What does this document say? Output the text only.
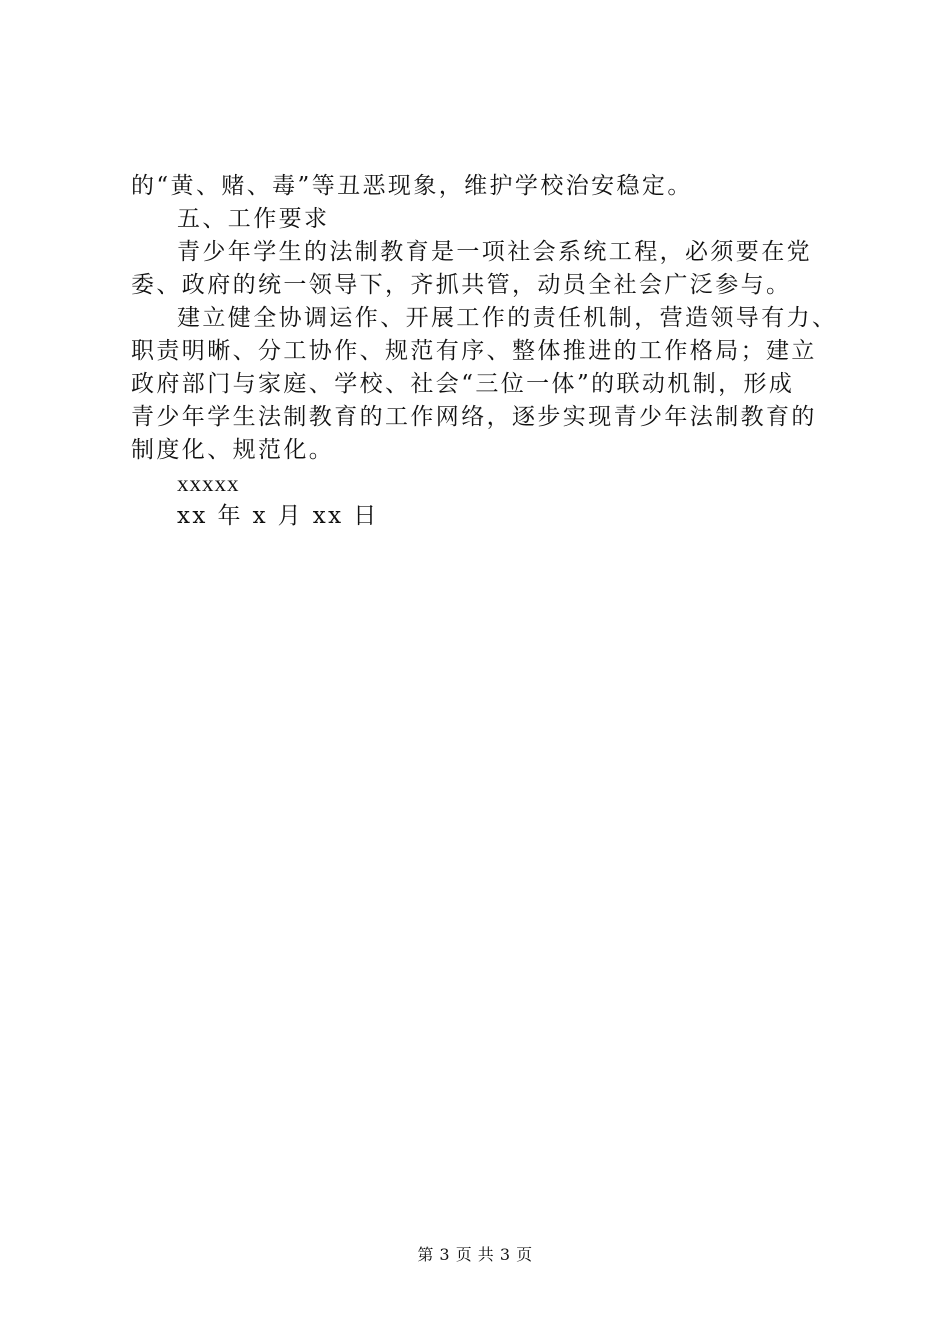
的“黄、赌、毒”等丑恶现象，维护学校治安稳定。
五、工作要求
青少年学生的法制教育是一项社会系统工程，必须要在党
委、政府的统一领导下，齐抓共管，动员全社会广泛参与。
建立健全协调运作、开展工作的责任机制，营造领导有力、
职责明晰、分工协作、规范有序、整体推进的工作格局；建立
政府部门与家庭、学校、社会“三位一体”的联动机制，形成
青少年学生法制教育的工作网络，逐步实现青少年法制教育的
制度化、规范化。
xxxxx
xx 年 x 月 xx 日
第 3 页 共 3 页
